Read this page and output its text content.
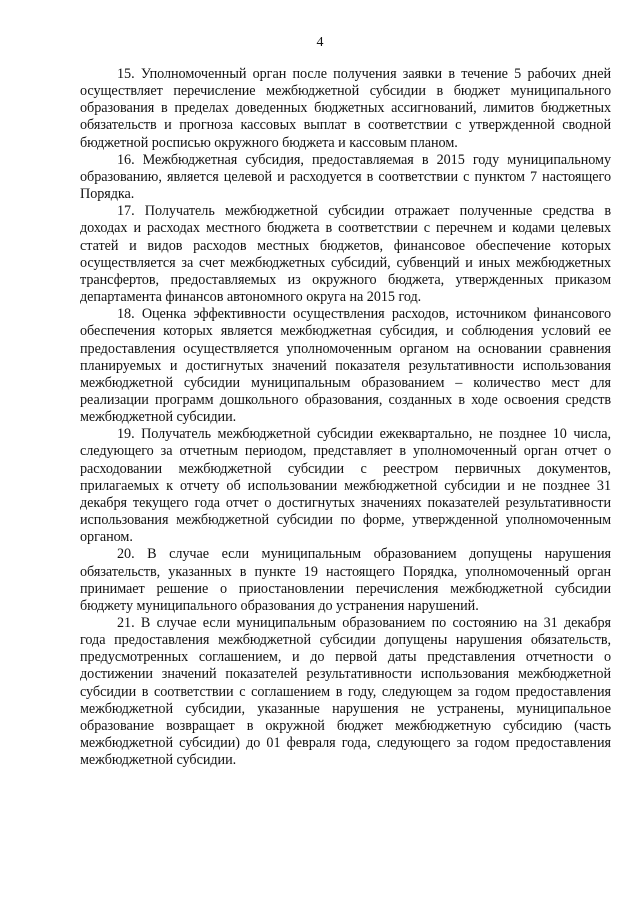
4

15. Уполномоченный орган после получения заявки в течение 5 рабочих дней осуществляет перечисление межбюджетной субсидии в бюджет муниципального образования в пределах доведенных бюджетных ассигнований, лимитов бюджетных обязательств и прогноза кассовых выплат в соответствии с утвержденной сводной бюджетной росписью окружного бюджета и кассовым планом.

16. Межбюджетная субсидия, предоставляемая в 2015 году муниципальному образованию, является целевой и расходуется в соответствии с пунктом 7 настоящего Порядка.

17. Получатель межбюджетной субсидии отражает полученные средства в доходах и расходах местного бюджета в соответствии с перечнем и кодами целевых статей и видов расходов местных бюджетов, финансовое обеспечение которых осуществляется за счет межбюджетных субсидий, субвенций и иных межбюджетных трансфертов, предоставляемых из окружного бюджета, утвержденных приказом департамента финансов автономного округа на 2015 год.

18. Оценка эффективности осуществления расходов, источником финансового обеспечения которых является межбюджетная субсидия, и соблюдения условий ее предоставления осуществляется уполномоченным органом на основании сравнения планируемых и достигнутых значений показателя результативности использования межбюджетной субсидии муниципальным образованием – количество мест для реализации программ дошкольного образования, созданных в ходе освоения средств межбюджетной субсидии.

19. Получатель межбюджетной субсидии ежеквартально, не позднее 10 числа, следующего за отчетным периодом, представляет в уполномоченный орган отчет о расходовании межбюджетной субсидии с реестром первичных документов, прилагаемых к отчету об использовании межбюджетной субсидии и не позднее 31 декабря текущего года отчет о достигнутых значениях показателей результативности использования межбюджетной субсидии по форме, утвержденной уполномоченным органом.

20. В случае если муниципальным образованием допущены нарушения обязательств, указанных в пункте 19 настоящего Порядка, уполномоченный орган принимает решение о приостановлении перечисления межбюджетной субсидии бюджету муниципального образования до устранения нарушений.

21. В случае если муниципальным образованием по состоянию на 31 декабря года предоставления межбюджетной субсидии допущены нарушения обязательств, предусмотренных соглашением, и до первой даты представления отчетности о достижении значений показателей результативности использования межбюджетной субсидии в соответствии с соглашением в году, следующем за годом предоставления межбюджетной субсидии, указанные нарушения не устранены, муниципальное образование возвращает в окружной бюджет межбюджетную субсидию (часть межбюджетной субсидии) до 01 февраля года, следующего за годом предоставления межбюджетной субсидии.
